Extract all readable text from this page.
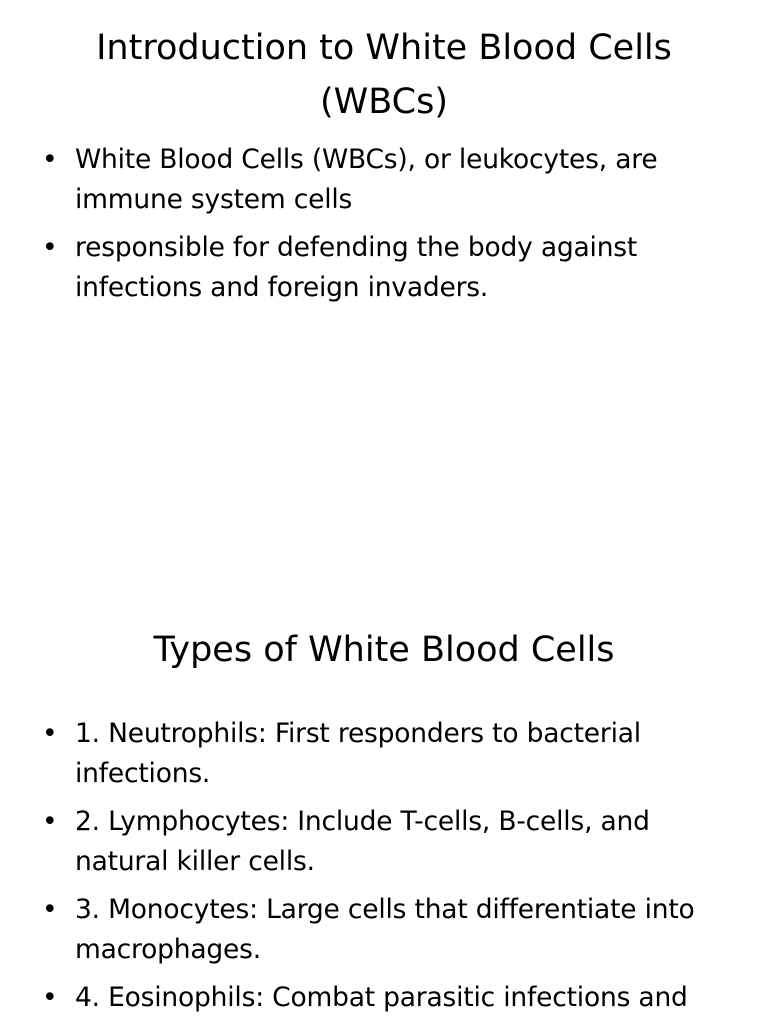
Introduction to White Blood Cells (WBCs)
• White Blood Cells (WBCs), or leukocytes, are immune system cells
• responsible for defending the body against infections and foreign invaders.
Types of White Blood Cells
• 1. Neutrophils: First responders to bacterial infections.
• 2. Lymphocytes: Include T-cells, B-cells, and natural killer cells.
• 3. Monocytes: Large cells that differentiate into macrophages.
• 4. Eosinophils: Combat parasitic infections and
